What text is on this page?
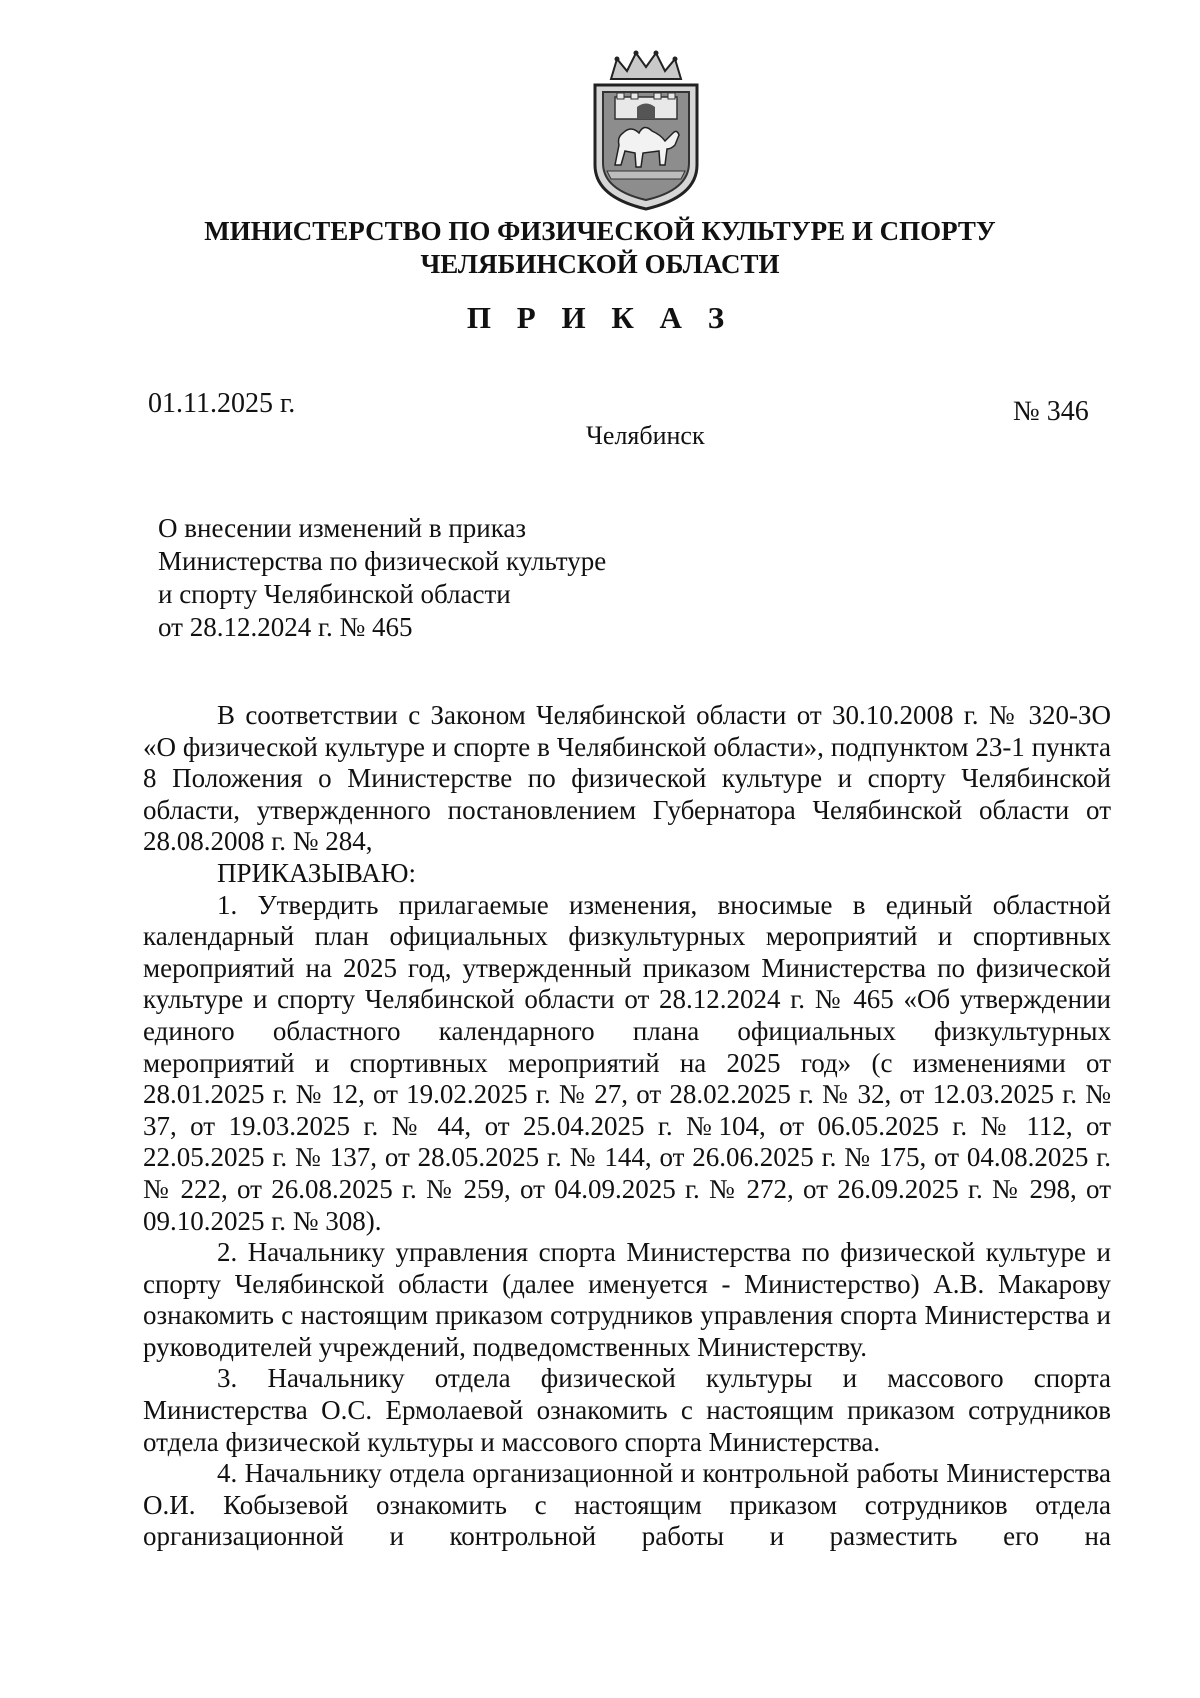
МИНИСТЕРСТВО ПО ФИЗИЧЕСКОЙ КУЛЬТУРЕ И СПОРТУ
ЧЕЛЯБИНСКОЙ ОБЛАСТИ
П Р И К А З
01.11.2025 г.	№ 346
Челябинск
О внесении изменений в приказ
Министерства по физической культуре
и спорту Челябинской области
от 28.12.2024 г. № 465

В соответствии с Законом Челябинской области от 30.10.2008 г. № 320-ЗО «О физической культуре и спорте в Челябинской области», подпунктом 23-1 пункта 8 Положения о Министерстве по физической культуре и спорту Челябинской области, утвержденного постановлением Губернатора Челябинской области от 28.08.2008 г. № 284,

ПРИКАЗЫВАЮ:

1. Утвердить прилагаемые изменения, вносимые в единый областной календарный план официальных физкультурных мероприятий и спортивных мероприятий на 2025 год, утвержденный приказом Министерства по физической культуре и спорту Челябинской области от 28.12.2024 г. № 465 «Об утверждении единого областного календарного плана официальных физкультурных мероприятий и спортивных мероприятий на 2025 год» (с изменениями от 28.01.2025 г. № 12, от 19.02.2025 г. № 27, от 28.02.2025 г. № 32, от 12.03.2025 г. № 37, от 19.03.2025 г. № 44, от 25.04.2025 г. №104, от 06.05.2025 г. № 112, от 22.05.2025 г. № 137, от 28.05.2025 г. № 144, от 26.06.2025 г. № 175, от 04.08.2025 г. № 222, от 26.08.2025 г. № 259, от 04.09.2025 г. № 272, от 26.09.2025 г. № 298, от 09.10.2025 г. № 308).

2. Начальнику управления спорта Министерства по физической культуре и спорту Челябинской области (далее именуется - Министерство) А.В. Макарову ознакомить с настоящим приказом сотрудников управления спорта Министерства и руководителей учреждений, подведомственных Министерству.

3. Начальнику отдела физической культуры и массового спорта Министерства О.С. Ермолаевой ознакомить с настоящим приказом сотрудников отдела физической культуры и массового спорта Министерства.

4. Начальнику отдела организационной и контрольной работы Министерства О.И. Кобызевой ознакомить с настоящим приказом сотрудников отдела организационной и контрольной работы и разместить его на
